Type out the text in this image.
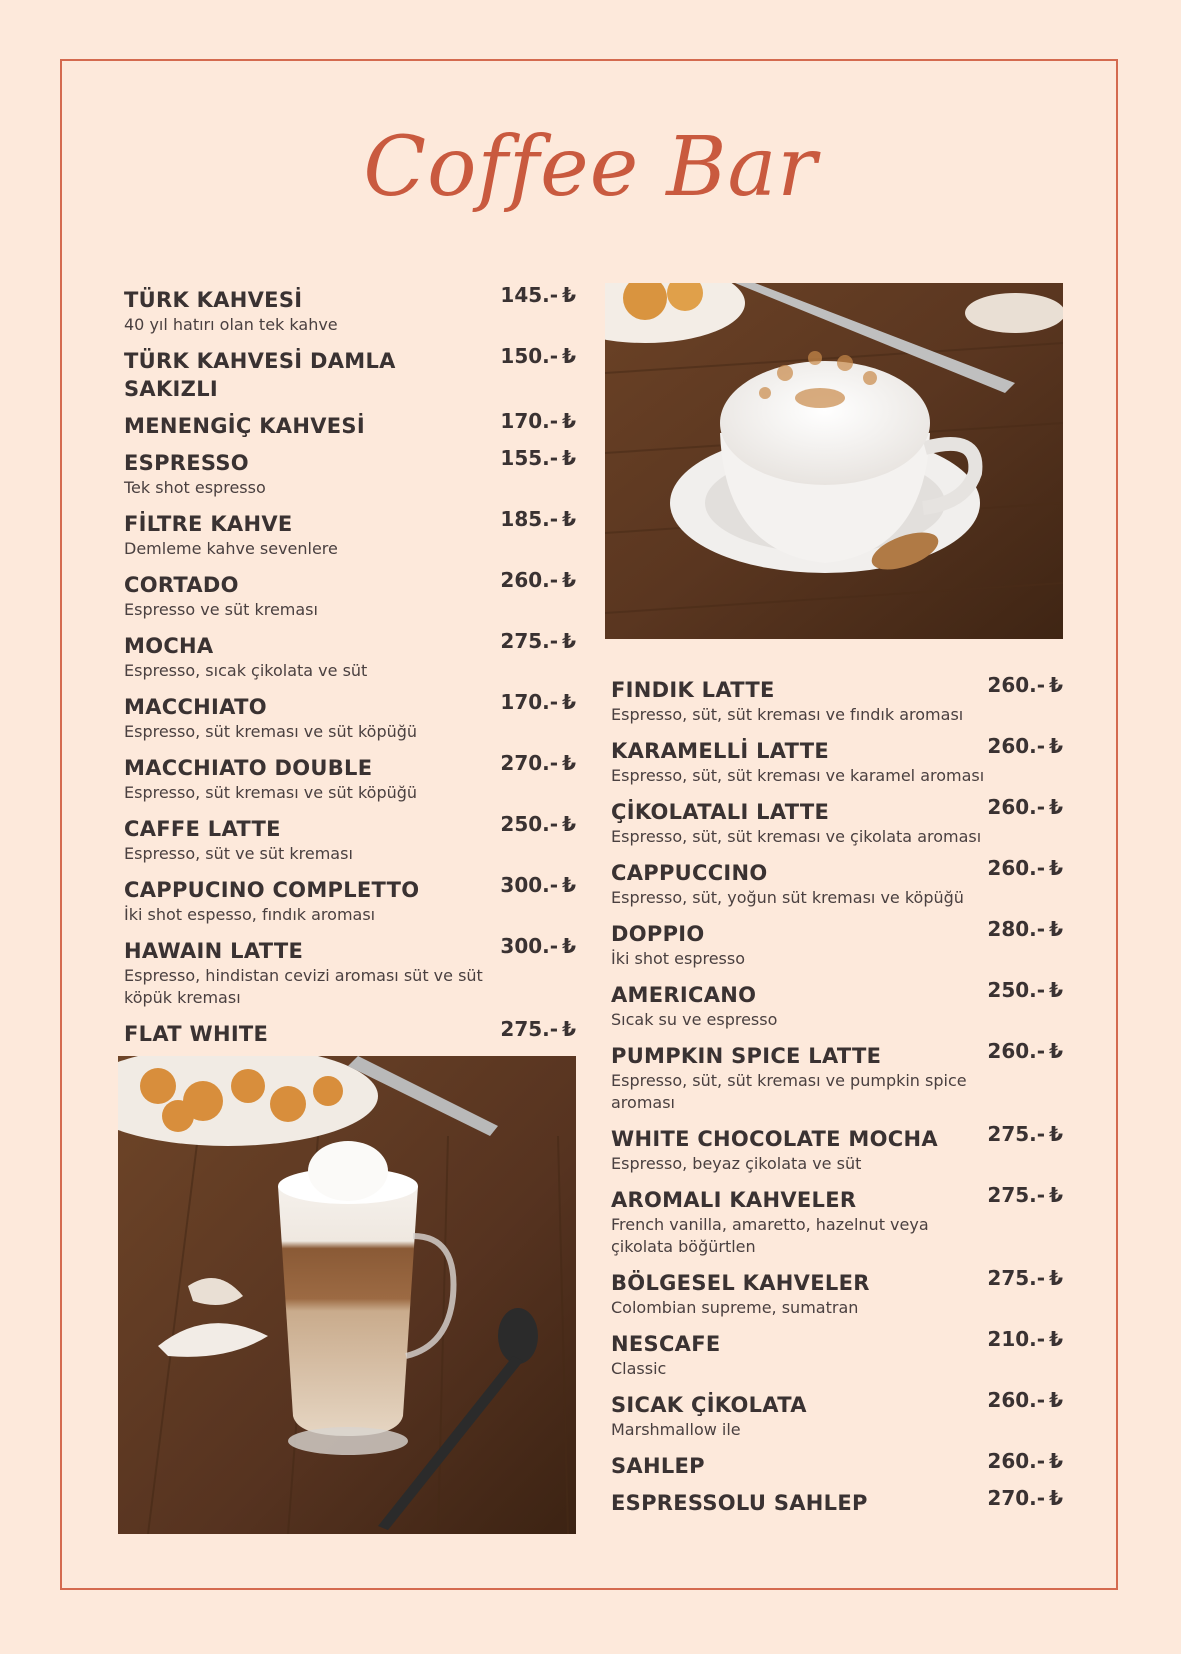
Coffee Bar
TÜRK KAHVESİ	145.- ₺
40 yıl hatırı olan tek kahve
TÜRK KAHVESİ DAMLA SAKIZLI
150.- ₺
MENENGİÇ KAHVESİ	170.- ₺
ESPRESSO	155.- ₺
Tek shot espresso
FİLTRE KAHVE	185.- ₺
Demleme kahve sevenlere
CORTADO	260.- ₺
Espresso ve süt kreması
MOCHA	275.- ₺
Espresso, sıcak çikolata ve süt
MACCHIATO	170.- ₺
Espresso, süt kreması ve süt köpüğü
MACCHIATO DOUBLE	270.- ₺
Espresso, süt kreması ve süt köpüğü
CAFFE LATTE	250.- ₺
Espresso, süt ve süt kreması
CAPPUCINO COMPLETTO	300.- ₺
İki shot espesso, fındık aroması
HAWAIN LATTE	300.- ₺
Espresso, hindistan cevizi aroması süt ve süt köpük kreması
FLAT WHITE	275.- ₺
FINDIK LATTE	260.- ₺
Espresso, süt, süt kreması ve fındık aroması
KARAMELLİ LATTE	260.- ₺
Espresso, süt, süt kreması ve karamel aroması
ÇİKOLATALI LATTE	260.- ₺
Espresso, süt, süt kreması ve çikolata aroması
CAPPUCCINO	260.- ₺
Espresso, süt, yoğun süt kreması ve köpüğü
DOPPIO	280.- ₺
İki shot espresso
AMERICANO	250.- ₺
Sıcak su ve espresso
PUMPKIN SPICE LATTE	260.- ₺
Espresso, süt, süt kreması ve pumpkin spice aroması
WHITE CHOCOLATE MOCHA	275.- ₺
Espresso, beyaz çikolata ve süt
AROMALI KAHVELER	275.- ₺
French vanilla, amaretto, hazelnut veya çikolata böğürtlen
BÖLGESEL KAHVELER	275.- ₺
Colombian supreme, sumatran
NESCAFE	210.- ₺
Classic
SICAK ÇİKOLATA	260.- ₺
Marshmallow ile
SAHLEP	260.- ₺
ESPRESSOLU SAHLEP	270.- ₺
